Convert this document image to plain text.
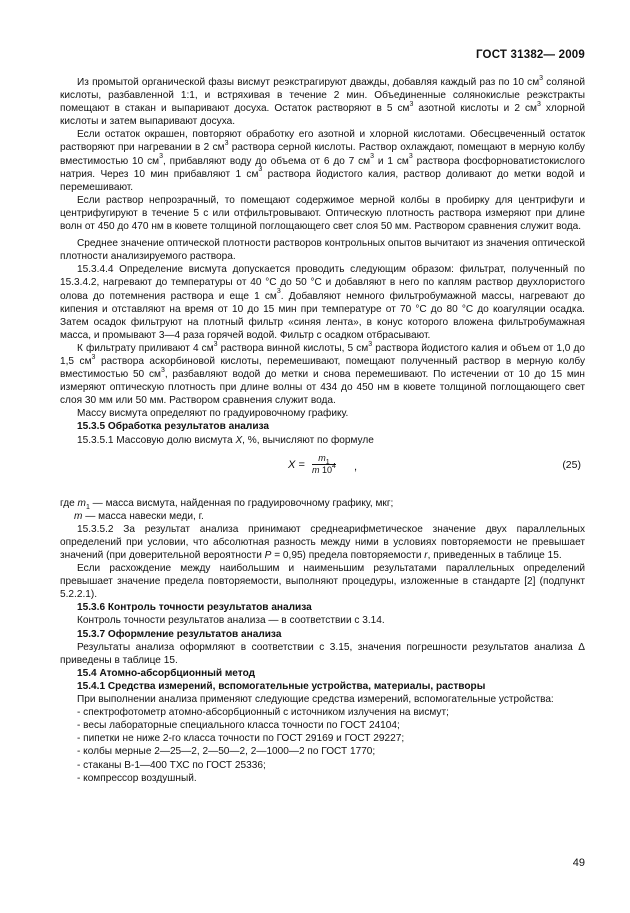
ГОСТ 31382— 2009

Из промытой органической фазы висмут реэкстрагируют дважды, добавляя каждый раз по 10 $см^3$ соляной кислоты, разбавленной 1:1, и встряхивая в течение 2 мин. Объединенные солянокислые реэкстракты помещают в стакан и выпаривают досуха. Остаток растворяют в 5 $см^3$ азотной кислоты и 2 $см^3$ хлорной кислоты и затем выпаривают досуха.

Если остаток окрашен, повторяют обработку его азотной и хлорной кислотами. Обесцвеченный остаток растворяют при нагревании в 2 $см^3$ раствора серной кислоты. Раствор охлаждают, помещают в мерную колбу вместимостью 10 $см^3$, прибавляют воду до объема от 6 до 7 $см^3$ и 1 $см^3$ раствора фосфорноватистокислого натрия. Через 10 мин прибавляют 1 $см^3$ раствора йодистого калия, раствор доливают до метки водой и перемешивают.

Если раствор непрозрачный, то помещают содержимое мерной колбы в пробирку для центрифуги и центрифугируют в течение 5 с или отфильтровывают. Оптическую плотность раствора измеряют при длине волн от 450 до 470 нм в кювете толщиной поглощающего свет слоя 50 мм. Раствором сравнения служит вода.

Среднее значение оптической плотности растворов контрольных опытов вычитают из значения оптической плотности анализируемого раствора.

15.3.4.4 Определение висмута допускается проводить следующим образом: фильтрат, полученный по 15.3.4.2, нагревают до температуры от 40 °С до 50 °С и добавляют в него по каплям раствор двухлористого олова до потемнения раствора и еще 1 $см^3$. Добавляют немного фильтробумажной массы, нагревают до кипения и отставляют на время от 10 до 15 мин при температуре от 70 °С до 80 °С до коагуляции осадка. Затем осадок фильтруют на плотный фильтр «синяя лента», в конус которого вложена фильтробумажная масса, и промывают 3—4 раза горячей водой. Фильтр с осадком отбрасывают.

К фильтрату приливают 4 $см^3$ раствора винной кислоты, 5 $см^3$ раствора йодистого калия и объем от 1,0 до 1,5 $см^3$ раствора аскорбиновой кислоты, перемешивают, помещают полученный раствор в мерную колбу вместимостью 50 $см^3$, разбавляют водой до метки и снова перемешивают. По истечении от 10 до 15 мин измеряют оптическую плотность при длине волны от 434 до 450 нм в кювете толщиной поглощающего свет слоя 30 мм или 50 мм. Раствором сравнения служит вода.

Массу висмута определяют по градуировочному графику.

15.3.5 Обработка результатов анализа

15.3.5.1 Массовую долю висмута X, %, вычисляют по формуле

$X = \frac{m_1}{m 10^4}$ ,	(25)

где $m_1$ — масса висмута, найденная по градуировочному графику, мкг;

m — масса навески меди, г.

15.3.5.2 За результат анализа принимают среднеарифметическое значение двух параллельных определений при условии, что абсолютная разность между ними в условиях повторяемости не превышает значений (при доверительной вероятности P = 0,95) предела повторяемости r, приведенных в таблице 15.

Если расхождение между наибольшим и наименьшим результатами параллельных определений превышает значение предела повторяемости, выполняют процедуры, изложенные в стандарте [2] (подпункт 5.2.2.1).

15.3.6 Контроль точности результатов анализа

Контроль точности результатов анализа — в соответствии с 3.14.

15.3.7 Оформление результатов анализа

Результаты анализа оформляют в соответствии с 3.15, значения погрешности результатов анализа Δ приведены в таблице 15.

15.4 Атомно-абсорбционный метод

15.4.1 Средства измерений, вспомогательные устройства, материалы, растворы

При выполнении анализа применяют следующие средства измерений, вспомогательные устройства:

- спектрофотометр атомно-абсорбционный с источником излучения на висмут;

- весы лабораторные специального класса точности по ГОСТ 24104;

- пипетки не ниже 2-го класса точности по ГОСТ 29169 и ГОСТ 29227;

- колбы мерные 2—25—2, 2—50—2, 2—1000—2 по ГОСТ 1770;

- стаканы В-1—400 ТХС по ГОСТ 25336;

- компрессор воздушный.

49
